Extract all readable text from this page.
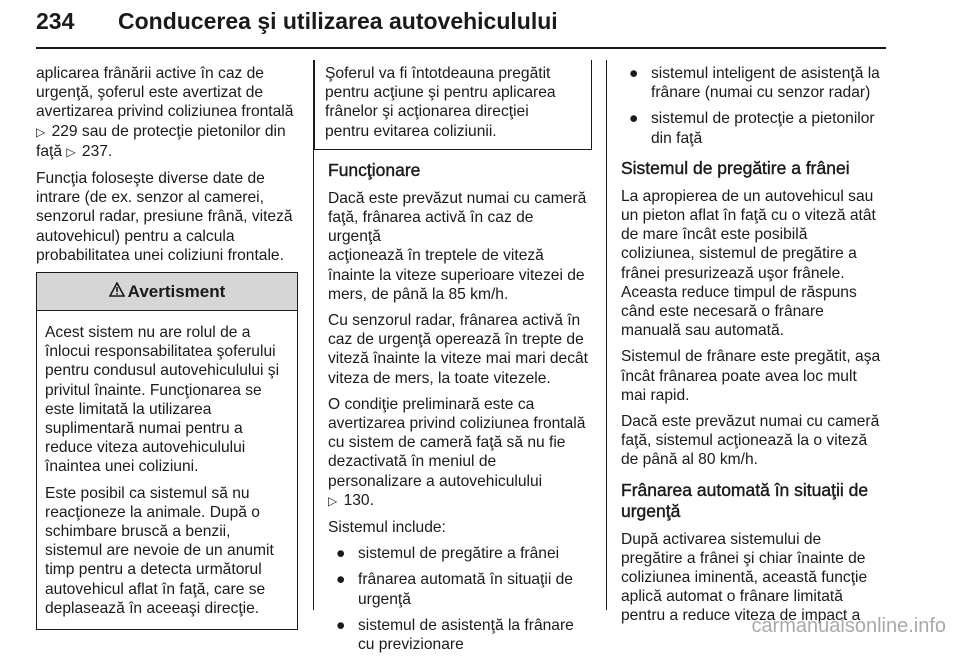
234 Conducerea şi utilizarea autovehiculului

aplicarea frânării active în caz de
urgenţă, şoferul este avertizat de
avertizarea privind coliziunea frontală
▷ 229 sau de protecţie pietonilor din
faţă ▷ 237.

Funcţia foloseşte diverse date de
intrare (de ex. senzor al camerei,
senzorul radar, presiune frână, viteză
autovehicul) pentru a calcula
probabilitatea unei coliziuni frontale.

Avertisment

Acest sistem nu are rolul de a
înlocui responsabilitatea şoferului
pentru condusul autovehiculului şi
privitul înainte. Funcţionarea se
este limitată la utilizarea
suplimentară numai pentru a
reduce viteza autovehiculului
înaintea unei coliziuni.

Este posibil ca sistemul să nu
reacţioneze la animale. După o
schimbare bruscă a benzii,
sistemul are nevoie de un anumit
timp pentru a detecta următorul
autovehicul aflat în faţă, care se
deplasează în aceeaşi direcţie.

Şoferul va fi întotdeauna pregătit
pentru acţiune şi pentru aplicarea
frânelor şi acţionarea direcţiei
pentru evitarea coliziunii.

Funcţionare

Dacă este prevăzut numai cu cameră
faţă, frânarea activă în caz de urgenţă
acţionează în treptele de viteză
înainte la viteze superioare vitezei de
mers, de până la 85 km/h.

Cu senzorul radar, frânarea activă în
caz de urgenţă operează în trepte de
viteză înainte la viteze mai mari decât
viteza de mers, la toate vitezele.

O condiţie preliminară este ca
avertizarea privind coliziunea frontală
cu sistem de cameră faţă să nu fie
dezactivată în meniul de
personalizare a autovehiculului
▷ 130.

Sistemul include:

● sistemul de pregătire a frânei
● frânarea automată în situaţii de
urgenţă
● sistemul de asistenţă la frânare
cu previzionare
● sistemul inteligent de asistenţă la
frânare (numai cu senzor radar)
● sistemul de protecţie a pietonilor
din faţă
Sistemul de pregătire a frânei

La apropierea de un autovehicul sau
un pieton aflat în faţă cu o viteză atât
de mare încât este posibilă
coliziunea, sistemul de pregătire a
frânei presurizează uşor frânele.
Aceasta reduce timpul de răspuns
când este necesară o frânare
manuală sau automată.

Sistemul de frânare este pregătit, aşa
încât frânarea poate avea loc mult
mai rapid.

Dacă este prevăzut numai cu cameră
faţă, sistemul acţionează la o viteză
de până al 80 km/h.

Frânarea automată în situaţii de
urgenţă

După activarea sistemului de
pregătire a frânei şi chiar înainte de
coliziunea iminentă, această funcţie
aplică automat o frânare limitată
pentru a reduce viteza de impact a

carmanualsonline.info
